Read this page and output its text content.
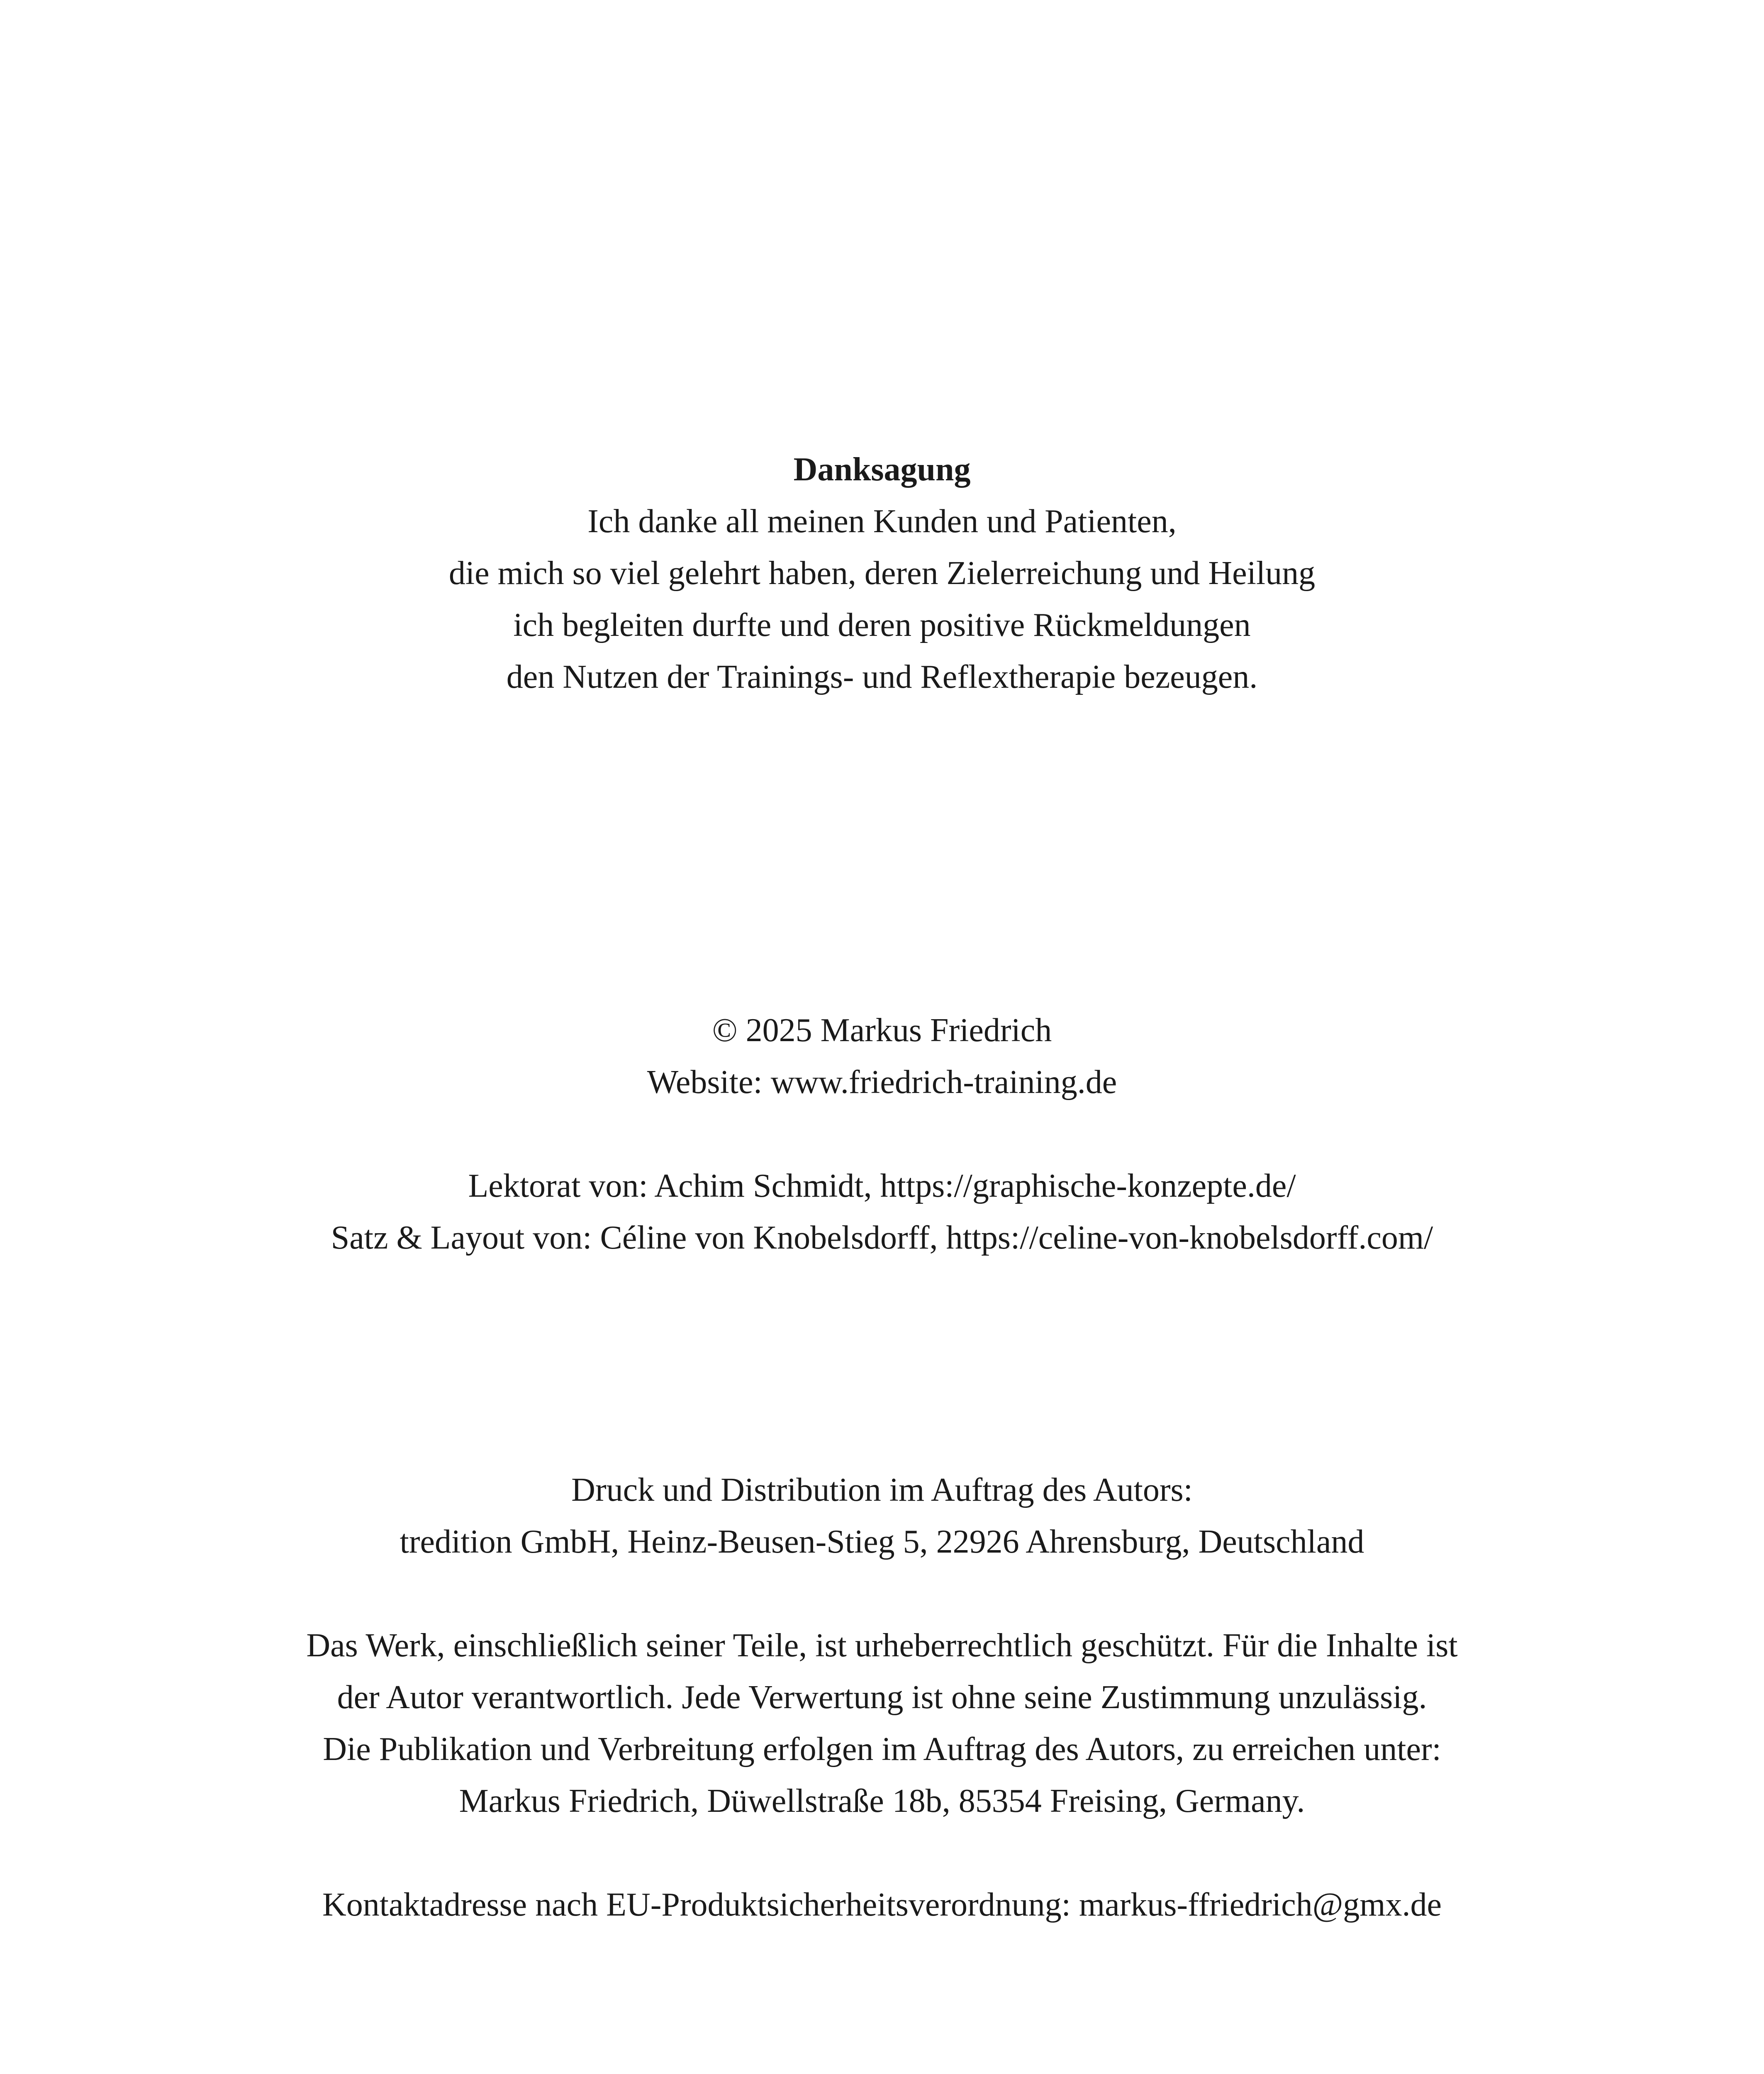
Danksagung
Ich danke all meinen Kunden und Patienten,
die mich so viel gelehrt haben, deren Zielerreichung und Heilung
ich begleiten durfte und deren positive Rückmeldungen
den Nutzen der Trainings- und Reflextherapie bezeugen.
© 2025 Markus Friedrich
Website: www.friedrich-training.de
Lektorat von: Achim Schmidt, https://graphische-konzepte.de/
Satz & Layout von: Céline von Knobelsdorff, https://celine-von-knobelsdorff.com/
Druck und Distribution im Auftrag des Autors:
tredition GmbH, Heinz-Beusen-Stieg 5, 22926 Ahrensburg, Deutschland
Das Werk, einschließlich seiner Teile, ist urheberrechtlich geschützt. Für die Inhalte ist
der Autor verantwortlich. Jede Verwertung ist ohne seine Zustimmung unzulässig.
Die Publikation und Verbreitung erfolgen im Auftrag des Autors, zu erreichen unter:
Markus Friedrich, Düwellstraße 18b, 85354 Freising, Germany.
Kontaktadresse nach EU-Produktsicherheitsverordnung: markus-ffriedrich@gmx.de
